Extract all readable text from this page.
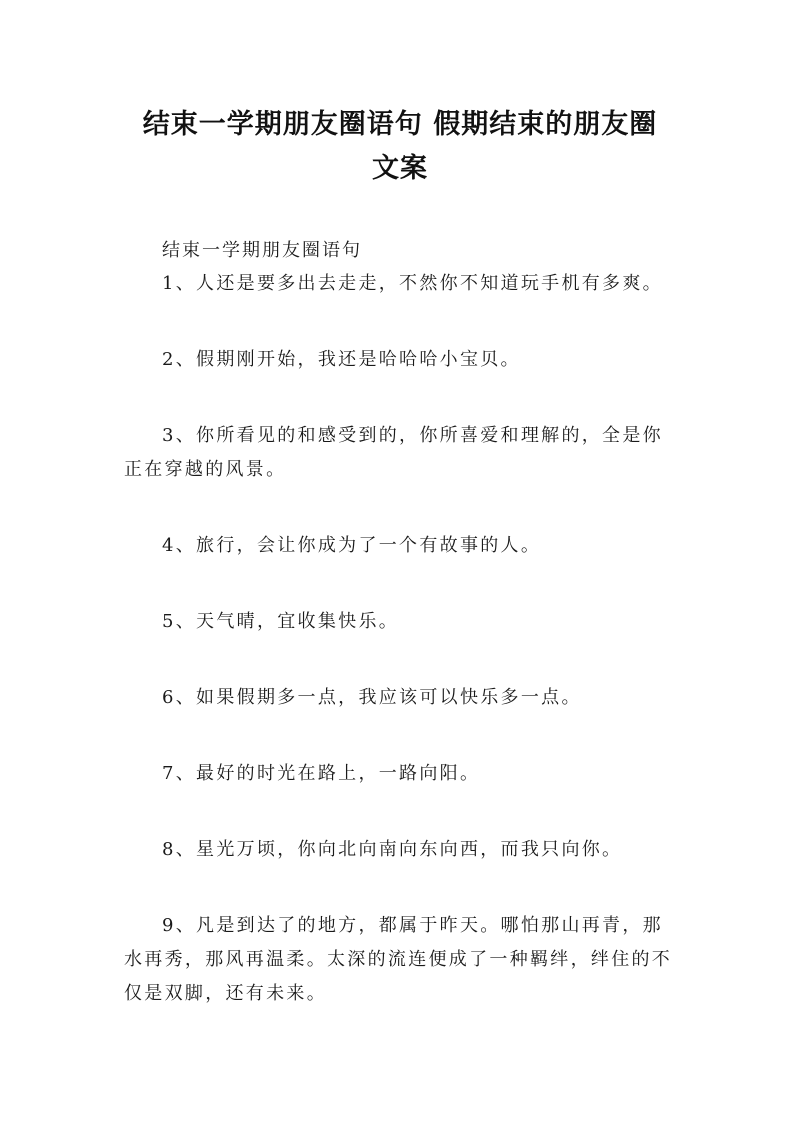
结束一学期朋友圈语句 假期结束的朋友圈
文案

结束一学期朋友圈语句

1、人还是要多出去走走，不然你不知道玩手机有多爽。

2、假期刚开始，我还是哈哈哈小宝贝。

3、你所看见的和感受到的，你所喜爱和理解的，全是你正在穿越的风景。

4、旅行，会让你成为了一个有故事的人。

5、天气晴，宜收集快乐。

6、如果假期多一点，我应该可以快乐多一点。

7、最好的时光在路上，一路向阳。

8、星光万顷，你向北向南向东向西，而我只向你。

9、凡是到达了的地方，都属于昨天。哪怕那山再青，那水再秀，那风再温柔。太深的流连便成了一种羁绊，绊住的不仅是双脚，还有未来。
